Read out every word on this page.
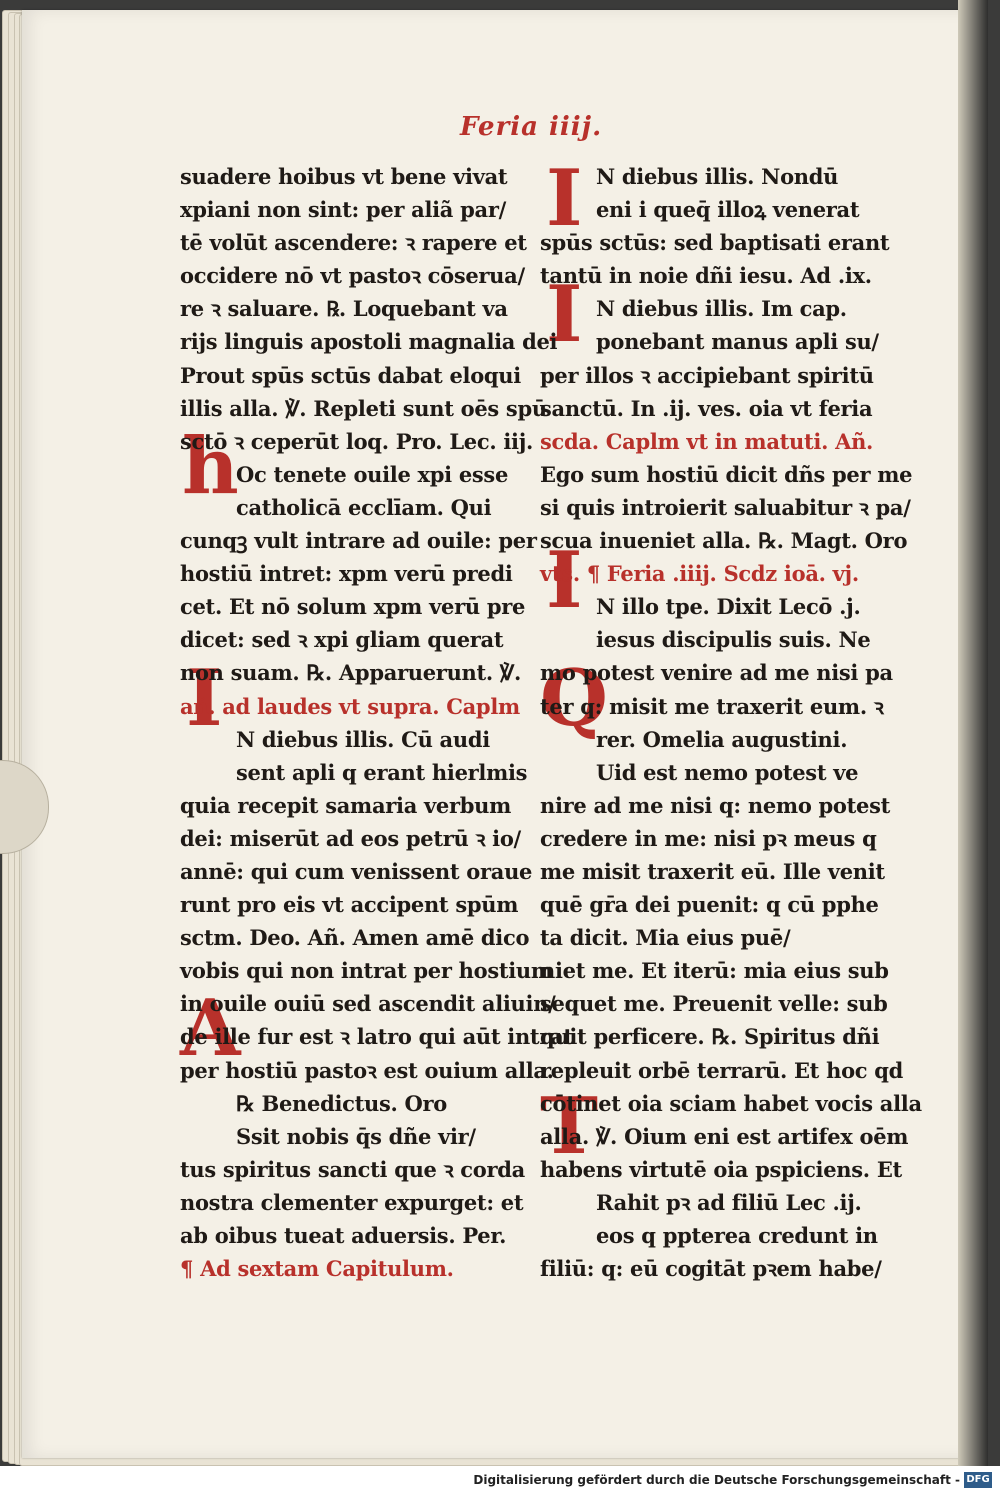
Feria iiij.
h
I
A
I
I
I
Q
T
suadere hoibus vt bene vivat
xpiani non sint: per aliã par/
tē volūt ascendere: ꝛ rapere et
occidere nō vt pastoꝛ cōserua/
re ꝛ saluare. ℞. Loquebant va
rijs linguis apostoli magnalia dei
Prout spūs sctūs dabat eloqui
illis alla. ℣. Repleti sunt oēs spū
sctō ꝛ ceperūt loq. Pro. Lec. iij.
Oc tenete ouile xpi esse
catholicā ecclīam. Qui
cunqꝫ vult intrare ad ouile: per
hostiū intret: xpm verū predi
cet. Et nō solum xpm verū pre
dicet: sed ꝛ xpi gliam querat
non suam. ℞. Apparuerunt. ℣.
añ. ad laudes vt supra. Caplm
N diebus illis. Cū audi
sent apli q erant hierlmis
quia recepit samaria verbum
dei: miserūt ad eos petrū ꝛ io/
annē: qui cum venissent oraue
runt pro eis vt accipent spūm
sctm. Deo. Añ. Amen amē dico
vobis qui non intrat per hostium
in ouile ouiū sed ascendit aliuin/
de ille fur est ꝛ latro qui aūt intrat
per hostiū pastoꝛ est ouium alla.
℞ Benedictus. Oro
Ssit nobis q̄s dñe vir/
tus spiritus sancti que ꝛ corda
nostra clementer expurget: et
ab oibus tueat aduersis. Per.
¶ Ad sextam Capitulum.
N diebus illis. Nondū
eni i queq̄ illoꝝ venerat
spūs sctūs: sed baptisati erant
tantū in noie dñi iesu. Ad .ix.
N diebus illis. Im cap.
ponebant manus apli su/
per illos ꝛ accipiebant spiritū
sanctū. In .ij. ves. oia vt feria
scda. Caplm vt in matuti. Añ.
Ego sum hostiū dicit dñs per me
si quis introierit saluabitur ꝛ pa/
scua inueniet alla. ℞. Magt. Oro
vts. ¶ Feria .iiij. Scdz ioā. vj.
N illo tpe. Dixit Lecō .j.
iesus discipulis suis. Ne
mo potest venire ad me nisi pa
ter q: misit me traxerit eum. ꝛ
rer. Omelia augustini.
Uid est nemo potest ve
nire ad me nisi q: nemo potest
credere in me: nisi pꝛ meus q
me misit traxerit eū. Ille venit
quē gr̄a dei puenit: q cū pphe
ta dicit. Mia eius puē/
niet me. Et iterū: mia eius sub
sequet me. Preuenit velle: sub
quit perficere. ℞. Spiritus dñi
repleuit orbē terrarū. Et hoc qd
cōtinet oia sciam habet vocis alla
alla. ℣. Oium eni est artifex oēm
habens virtutē oia pspiciens. Et
Rahit pꝛ ad filiū Lec .ij.
eos q ppterea credunt in
filiū: q: eū cogitāt pꝛem habe/
Digitalisierung gefördert durch die Deutsche Forschungsgemeinschaft - DFG
